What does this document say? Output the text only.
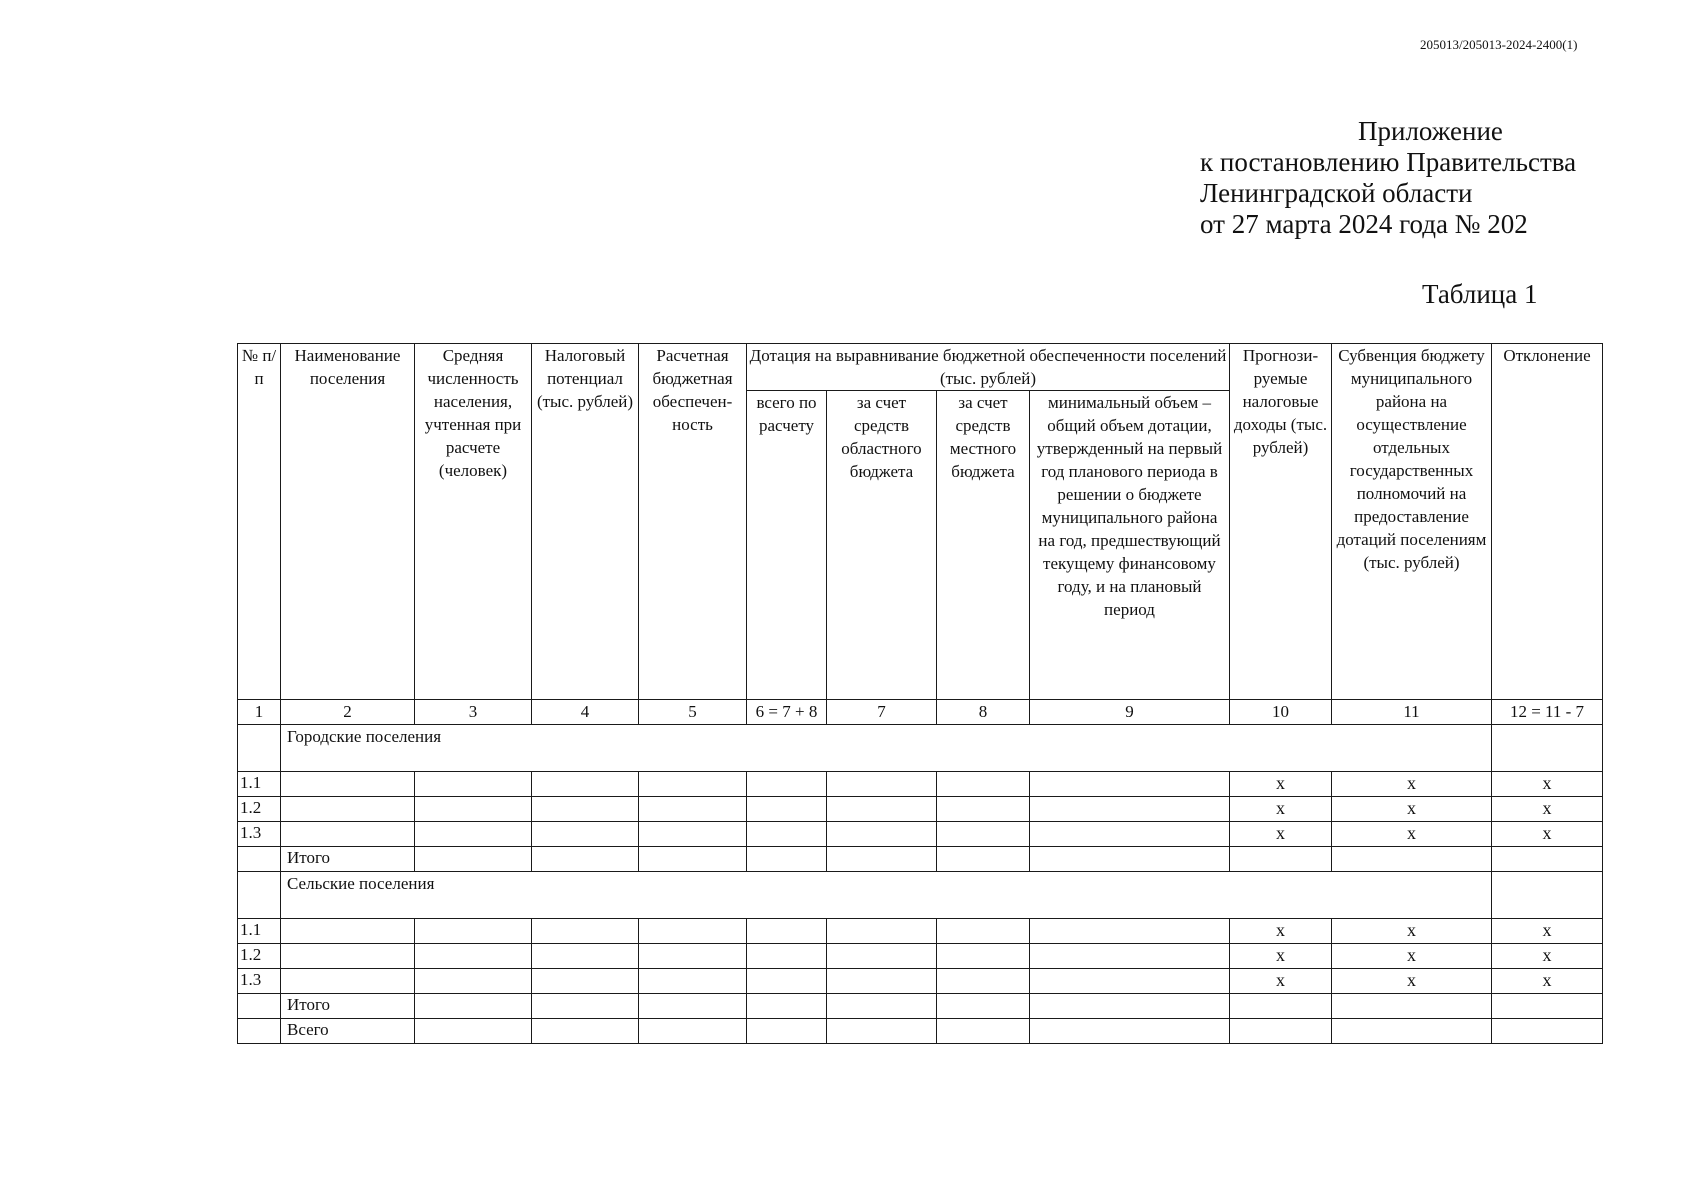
205013/205013-2024-2400(1)
Приложение
к постановлению Правительства
Ленинградской области
от 27 марта 2024 года № 202
Таблица 1
№ п/п	Наименование поселения	Средняя численность населения, учтенная при расчете (человек)	Налоговый потенциал (тыс. рублей)	Расчетная бюджетная обеспечен-ность	Дотация на выравнивание бюджетной обеспеченности поселений (тыс. рублей)				Прогнози-руемые налоговые доходы (тыс. рублей)	Субвенция бюджету муниципального района на осуществление отдельных государственных полномочий на предоставление дотаций поселениям (тыс. рублей)	Отклонение
					всего по расчету	за счет средств областного бюджета	за счет средств местного бюджета	минимальный объем – общий объем дотации, утвержденный на первый год планового периода в решении о бюджете муниципального района на год, предшествующий текущему финансовому году, и на плановый период			
1	2	3	4	5	6 = 7 + 8	7	8	9	10	11	12 = 11 - 7
	Городские поселения										
1.1									x	x	x
1.2									x	x	x
1.3									x	x	x
	Итого										
	Сельские поселения										
1.1									x	x	x
1.2									x	x	x
1.3									x	x	x
	Итого										
	Всего										
